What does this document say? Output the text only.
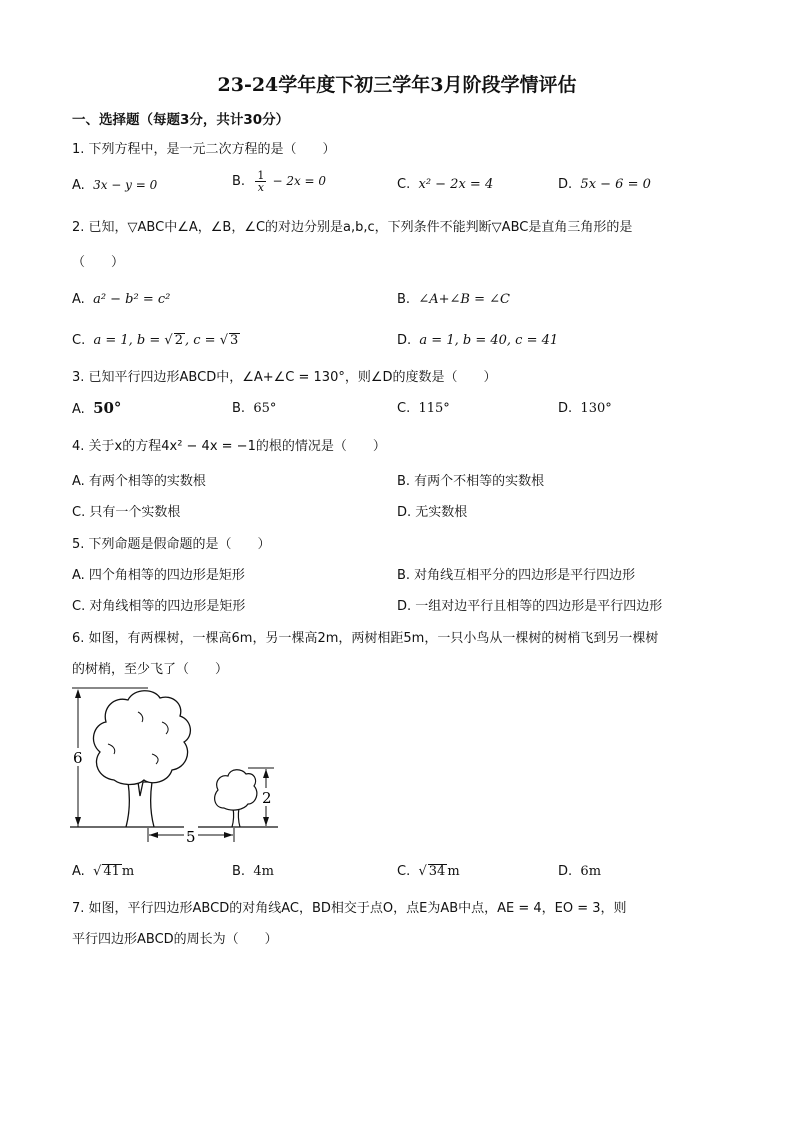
23-24学年度下初三学年3月阶段学情评估
一、选择题（每题3分，共计30分）
1. 下列方程中，是一元二次方程的是（　　）
A. 3x − y = 0	B. $\frac{1}{x} - 2x = 0$	C. x² − 2x = 4	D. 5x − 6 = 0
2. 已知，▽ABC中∠A，∠B，∠C的对边分别是a,b,c，下列条件不能判断▽ABC是直角三角形的是
（　　）
A. a² − b² = c²	B. ∠A+∠B = ∠C
C. a = 1, b = √ 2 , c = √ 3	D. a = 1, b = 40, c = 41
3. 已知平行四边形ABCD中，∠A+∠C = 130°，则∠D的度数是（　　）
A. 50°	B. 65°	C. 115°	D. 130°
4. 关于x的方程4x² − 4x = −1的根的情况是（　　）
A. 有两个相等的实数根	B. 有两个不相等的实数根
C. 只有一个实数根	D. 无实数根
5. 下列命题是假命题的是（　　）
A. 四个角相等的四边形是矩形	B. 对角线互相平分的四边形是平行四边形
C. 对角线相等的四边形是矩形	D. 一组对边平行且相等的四边形是平行四边形
6. 如图，有两棵树，一棵高6m，另一棵高2m，两树相距5m，一只小鸟从一棵树的树梢飞到另一棵树
的树梢，至少飞了（　　）
6
2
5
A. √ 41 m	B. 4m	C. √ 34 m	D. 6m
7. 如图，平行四边形ABCD的对角线AC，BD相交于点O，点E为AB中点，AE = 4，EO = 3，则
平行四边形ABCD的周长为（　　）
